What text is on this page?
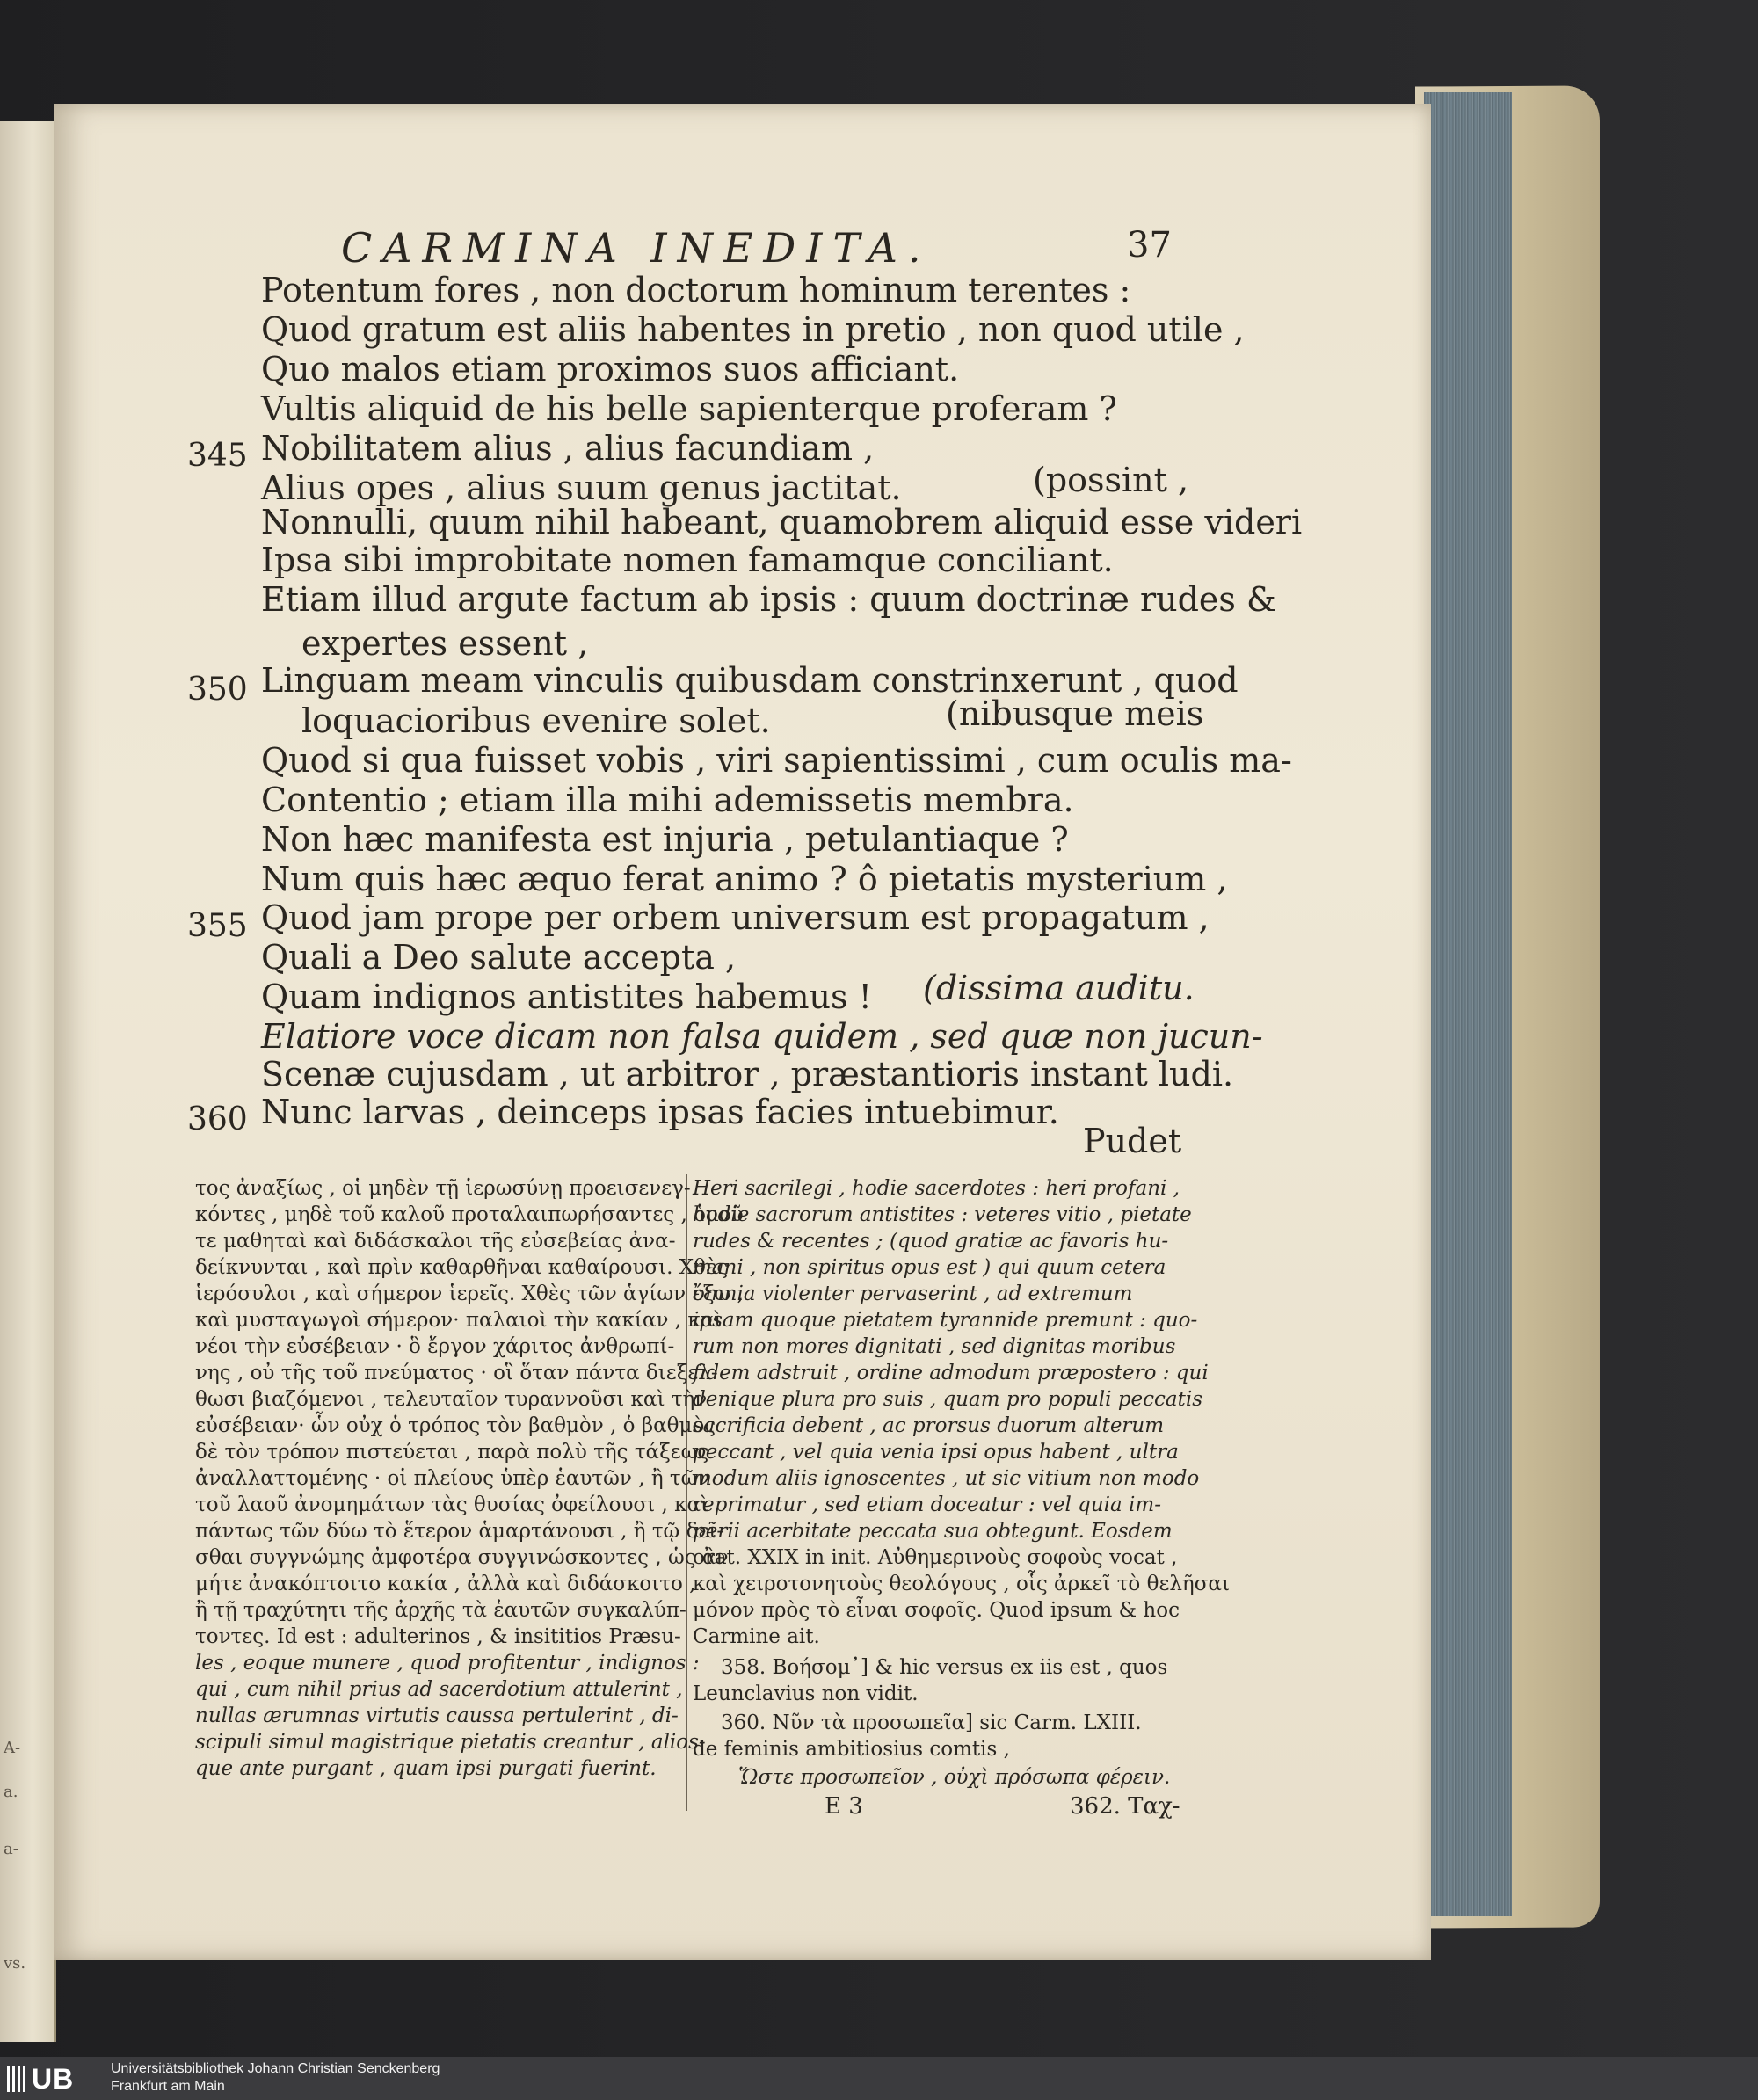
A-
a.
a-
vs.
CARMINA INEDITA.	37
Potentum fores , non doctorum hominum terentes :
Quod gratum est aliis habentes in pretio , non quod utile ,
Quo malos etiam proximos suos afficiant.
Vultis aliquid de his belle sapienterque proferam ?
Nobilitatem alius , alius facundiam ,
Alius opes , alius suum genus jactitat.
Nonnulli, quum nihil habeant, quamobrem aliquid esse videri
Ipsa sibi improbitate nomen famamque conciliant.
Etiam illud argute factum ab ipsis : quum doctrinæ rudes &
expertes essent ,
Linguam meam vinculis quibusdam constrinxerunt , quod
loquacioribus evenire solet.
Quod si qua fuisset vobis , viri sapientissimi , cum oculis ma-
Contentio ; etiam illa mihi ademissetis membra.
Non hæc manifesta est injuria , petulantiaque ?
Num quis hæc æquo ferat animo ? ô pietatis mysterium ,
Quod jam prope per orbem universum est propagatum ,
Quali a Deo salute accepta ,
Quam indignos antistites habemus !
Elatiore voce dicam non falsa quidem , sed quæ non jucun-
Scenæ cujusdam , ut arbitror , præstantioris instant ludi.
Nunc larvas , deinceps ipsas facies intuebimur.
(possint ,
(nibusque meis
(dissima auditu.
345
350
355
360
Pudet
τος ἀναξίως , οἱ μηδὲν τῇ ἱερωσύνῃ προεισενεγ-
κόντες , μηδὲ τοῦ καλοῦ προταλαιπωρήσαντες , ὁμοῦ
τε μαθηταὶ καὶ διδάσκαλοι τῆς εὐσεβείας ἀνα-
δείκνυνται , καὶ πρὶν καθαρθῆναι καθαίρουσι. Χθὲς
ἱερόσυλοι , καὶ σήμερον ἱερεῖς. Χθὲς τῶν ἁγίων ἔξω ,
καὶ μυσταγωγοὶ σήμερον· παλαιοὶ τὴν κακίαν , καὶ
νέοι τὴν εὐσέβειαν · ὃ ἔργον χάριτος ἀνθρωπί-
νης , οὐ τῆς τοῦ πνεύματος · οἳ ὅταν πάντα διεξελ-
θωσι βιαζόμενοι , τελευταῖον τυραννοῦσι καὶ τὴν
εὐσέβειαν· ὧν οὐχ ὁ τρόπος τὸν βαθμὸν , ὁ βαθμὸς
δὲ τὸν τρόπον πιστεύεται , παρὰ πολὺ τῆς τάξεως
ἀναλλαττομένης · οἱ πλείους ὑπὲρ ἑαυτῶν , ἢ τῶν
τοῦ λαοῦ ἀνομημάτων τὰς θυσίας ὀφείλουσι , καὶ
πάντως τῶν δύω τὸ ἕτερον ἁμαρτάνουσι , ἢ τῷ δεῖ-
σθαι συγγνώμης ἀμφοτέρα συγγινώσκοντες , ὡς ἂν
μήτε ἀνακόπτοιτο κακία , ἀλλὰ καὶ διδάσκοιτο ,
ἢ τῇ τραχύτητι τῆς ἀρχῆς τὰ ἑαυτῶν συγκαλύπ-
τοντες. Id est : adulterinos , & insititios Præsu-
les , eoque munere , quod profitentur , indignos :
qui , cum nihil prius ad sacerdotium attulerint ,
nullas ærumnas virtutis caussa pertulerint , di-
scipuli simul magistrique pietatis creantur , alios-
que ante purgant , quam ipsi purgati fuerint.
Heri sacrilegi , hodie sacerdotes : heri profani ,
hodie sacrorum antistites : veteres vitio , pietate
rudes & recentes ; (quod gratiæ ac favoris hu-
mani , non spiritus opus est ) qui quum cetera
omnia violenter pervaserint , ad extremum
ipsam quoque pietatem tyrannide premunt : quo-
rum non mores dignitati , sed dignitas moribus
fidem adstruit , ordine admodum præpostero : qui
denique plura pro suis , quam pro populi peccatis
sacrificia debent , ac prorsus duorum alterum
peccant , vel quia venia ipsi opus habent , ultra
modum aliis ignoscentes , ut sic vitium non modo
reprimatur , sed etiam doceatur : vel quia im-
perii acerbitate peccata sua obtegunt. Eosdem
orat. XXIX in init. Αὐθημερινοὺς σοφοὺς vocat ,
καὶ χειροτονητοὺς θεολόγους , οἷς ἀρκεῖ τὸ θελῆσαι
μόνον πρὸς τὸ εἶναι σοφοῖς. Quod ipsum & hoc
Carmine ait.
358. Βοήσομ᾽] & hic versus ex iis est , quos
Leunclavius non vidit.
360. Νῦν τὰ προσωπεῖα] sic Carm. LXIII.
de feminis ambitiosius comtis ,
Ὥστε προσωπεῖον , οὐχὶ πρόσωπα φέρειν.
E 3	362. Ταχ-
UB	Universitätsbibliothek Johann Christian Senckenberg
Frankfurt am Main
